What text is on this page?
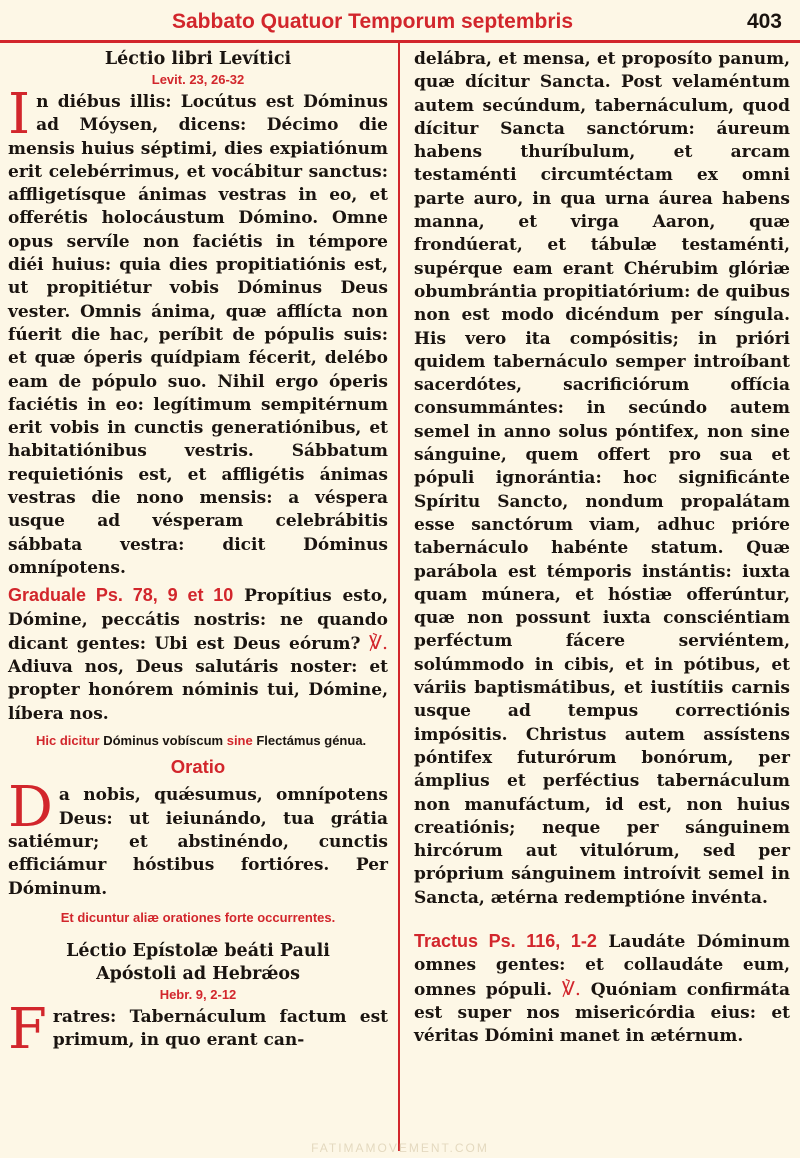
Sabbato Quatuor Temporum septembris	403
Léctio libri Levítici
Levit. 23, 26-32

In diébus illis: Locútus est Dóminus ad Móysen, dicens: Décimo die mensis huius séptimi, dies expiatiónum erit celebérrimus, et vocábitur sanctus: affligetísque ánimas vestras in eo, et offerétis holocáustum Dómino. Omne opus servíle non faciétis in témpore diéi huius: quia dies propitiatiónis est, ut propitiétur vobis Dóminus Deus vester. Omnis ánima, quæ afflícta non fúerit die hac, períbit de pópulis suis: et quæ óperis quídpiam fécerit, delébo eam de pópulo suo. Nihil ergo óperis faciétis in eo: legítimum sempitérnum erit vobis in cunctis generatiónibus, et habitatiónibus vestris. Sábbatum requietiónis est, et affligétis ánimas vestras die nono mensis: a véspera usque ad vésperam celebrábitis sábbata vestra: dicit Dóminus omnípotens.

Graduale Ps. 78, 9 et 10 Propítius esto, Dómine, peccátis nostris: ne quando dicant gentes: Ubi est Deus eórum? ℣. Adiuva nos, Deus salutáris noster: et propter honórem nóminis tui, Dómine, líbera nos.

Hic dicitur Dóminus vobíscum sine Flectámus génua.
Oratio

Da nobis, quǽsumus, omnípotens Deus: ut ieiunándo, tua grátia satiémur; et abstinéndo, cunctis efficiámur hóstibus fortióres. Per Dóminum.

Et dicuntur aliæ orationes forte occurrentes.
Léctio Epístolæ beáti Pauli
Apóstoli ad Hebrǽos
Hebr. 9, 2-12

Fratres: Tabernáculum factum est primum, in quo erant can-

delábra, et mensa, et proposíto panum, quæ dícitur Sancta. Post velaméntum autem secúndum, tabernáculum, quod dícitur Sancta sanctórum: áureum habens thuríbulum, et arcam testaménti circumtéctam ex omni parte auro, in qua urna áurea habens manna, et virga Aaron, quæ frondúerat, et tábulæ testaménti, supérque eam erant Chérubim glóriæ obumbrántia propitiatórium: de quibus non est modo dicéndum per síngula. His vero ita compósitis; in prióri quidem tabernáculo semper introíbant sacerdótes, sacrificiórum offícia consummántes: in secúndo autem semel in anno solus póntifex, non sine sánguine, quem offert pro sua et pópuli ignorántia: hoc significánte Spíritu Sancto, nondum propalátam esse sanctórum viam, adhuc prióre tabernáculo habénte statum. Quæ parábola est témporis instántis: iuxta quam múnera, et hóstiæ offerúntur, quæ non possunt iuxta consciéntiam perféctum fácere serviéntem, solúmmodo in cibis, et in pótibus, et váriis baptismátibus, et iustítiis carnis usque ad tempus correctiónis impósitis. Christus autem assístens póntifex futurórum bonórum, per ámplius et perféctius tabernáculum non manufáctum, id est, non huius creatiónis; neque per sánguinem hircórum aut vitulórum, sed per próprium sánguinem introívit semel in Sancta, ætérna redemptióne invénta.

Tractus Ps. 116, 1-2 Laudáte Dóminum omnes gentes: et collaudáte eum, omnes pópuli. ℣. Quóniam confirmáta est super nos misericórdia eius: et véritas Dómini manet in ætérnum.

FATIMAMOVEMENT.COM
